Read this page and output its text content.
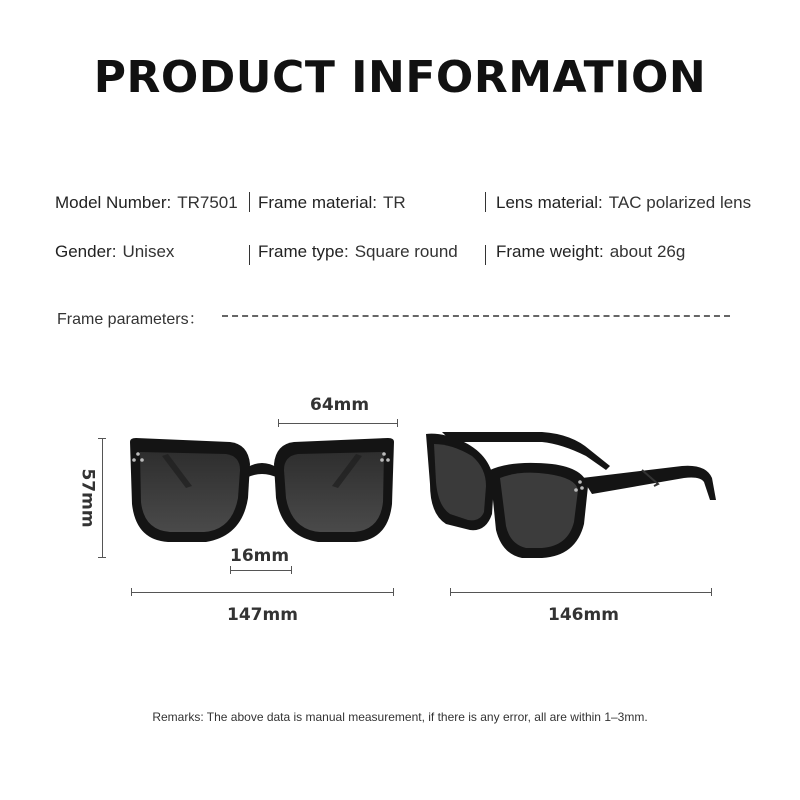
PRODUCT INFORMATION
Model Number: TR7501 Frame material: TR	Lens material: TAC polarized lens
Gender: Unisex	Frame type: Square round Frame weight: about 26g
Frame parameters：
64mm
57mm
16mm
147mm	146mm
Remarks: The above data is manual measurement, if there is any error, all are within 1–3mm.
